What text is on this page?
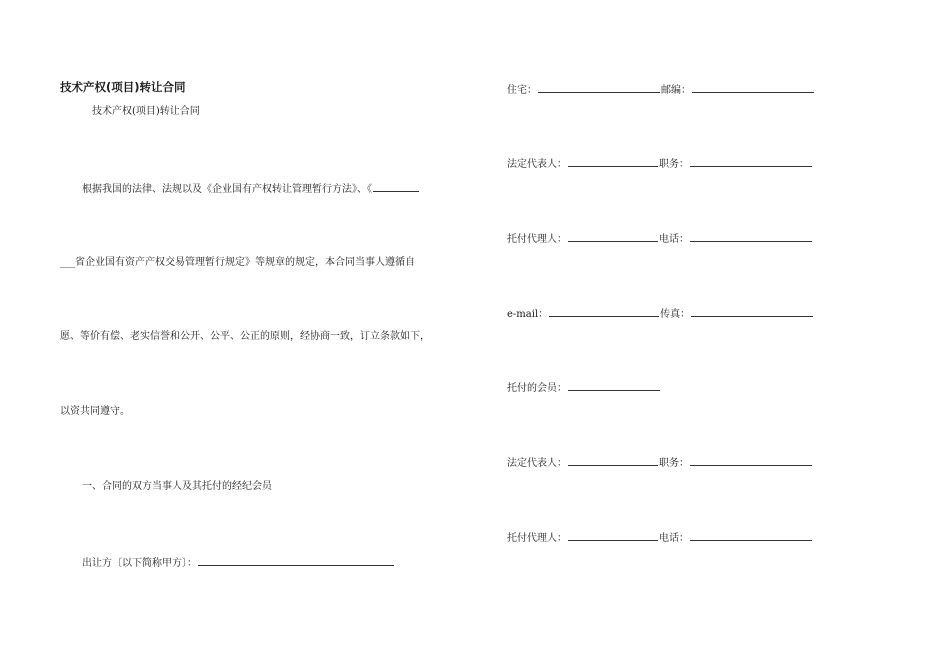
技术产权(项目)转让合同
技术产权(项目)转让合同
根据我国的法律、法规以及《企业国有产权转让管理暂行方法》、《
___省企业国有资产产权交易管理暂行规定》等规章的规定，本合同当事人遵循自
愿、等价有偿、老实信誉和公开、公平、公正的原则，经协商一致，订立条款如下，
以资共同遵守。
一、合同的双方当事人及其托付的经纪会员
出让方〔以下简称甲方〕：
住宅：	邮编：
法定代表人：	职务：
托付代理人：	电话：
e-mail：	传真：
托付的会员：
法定代表人：	职务：
托付代理人：	电话：
